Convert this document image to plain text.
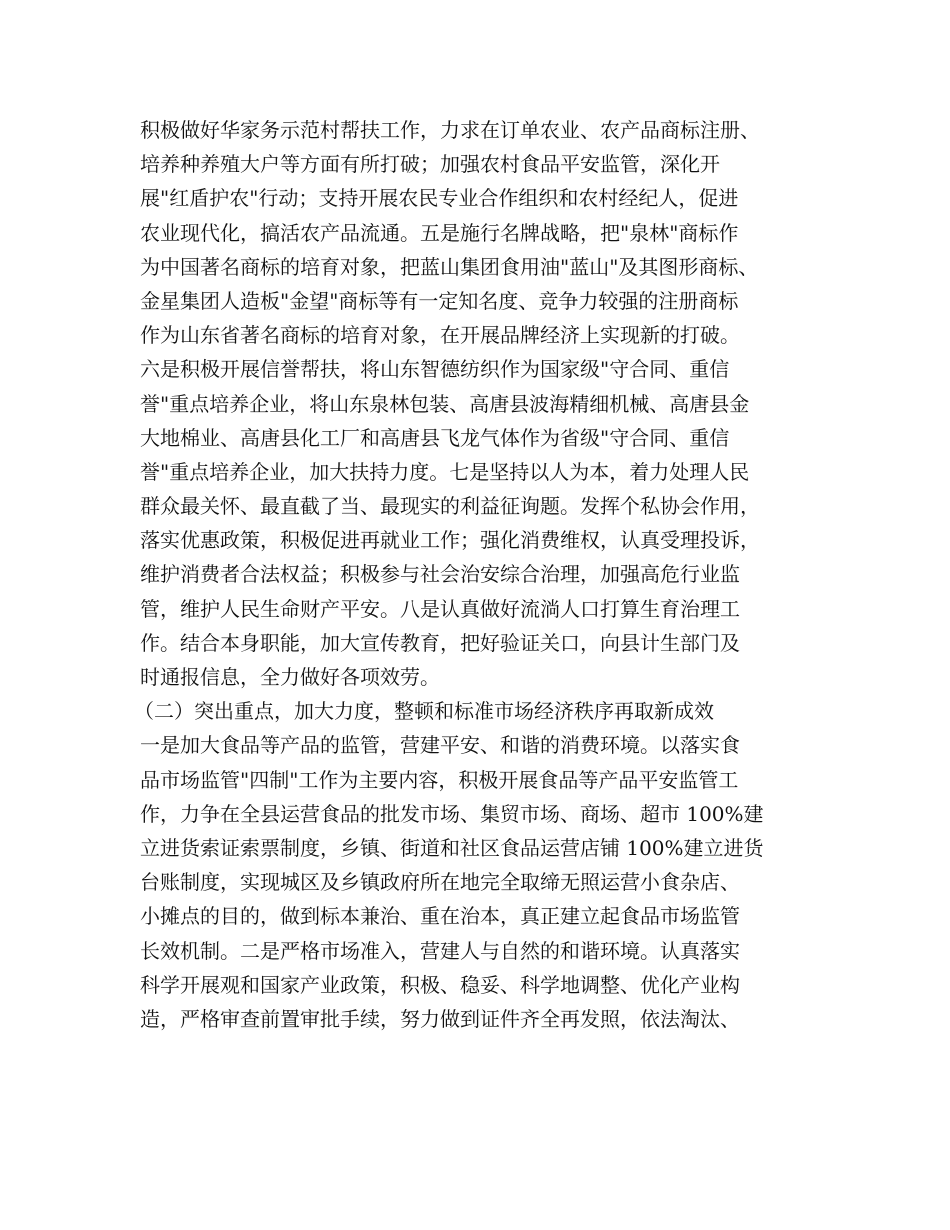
积极做好华家务示范村帮扶工作，力求在订单农业、农产品商标注册、

培养种养殖大户等方面有所打破；加强农村食品平安监管，深化开

展"红盾护农"行动；支持开展农民专业合作组织和农村经纪人，促进

农业现代化，搞活农产品流通。五是施行名牌战略，把"泉林"商标作

为中国著名商标的培育对象，把蓝山集团食用油"蓝山"及其图形商标、

金星集团人造板"金望"商标等有一定知名度、竞争力较强的注册商标

作为山东省著名商标的培育对象，在开展品牌经济上实现新的打破。

六是积极开展信誉帮扶，将山东智德纺织作为国家级"守合同、重信

誉"重点培养企业，将山东泉林包装、高唐县波海精细机械、高唐县金

大地棉业、高唐县化工厂和高唐县飞龙气体作为省级"守合同、重信

誉"重点培养企业，加大扶持力度。七是坚持以人为本，着力处理人民

群众最关怀、最直截了当、最现实的利益征询题。发挥个私协会作用，

落实优惠政策，积极促进再就业工作；强化消费维权，认真受理投诉，

维护消费者合法权益；积极参与社会治安综合治理，加强高危行业监

管，维护人民生命财产平安。八是认真做好流淌人口打算生育治理工

作。结合本身职能，加大宣传教育，把好验证关口，向县计生部门及

时通报信息，全力做好各项效劳。

（二）突出重点，加大力度，整顿和标准市场经济秩序再取新成效

一是加大食品等产品的监管，营建平安、和谐的消费环境。以落实食

品市场监管"四制"工作为主要内容，积极开展食品等产品平安监管工

作，力争在全县运营食品的批发市场、集贸市场、商场、超市 100%建

立进货索证索票制度，乡镇、街道和社区食品运营店铺 100%建立进货

台账制度，实现城区及乡镇政府所在地完全取缔无照运营小食杂店、

小摊点的目的，做到标本兼治、重在治本，真正建立起食品市场监管

长效机制。二是严格市场准入，营建人与自然的和谐环境。认真落实

科学开展观和国家产业政策，积极、稳妥、科学地调整、优化产业构

造，严格审查前置审批手续，努力做到证件齐全再发照，依法淘汰、
